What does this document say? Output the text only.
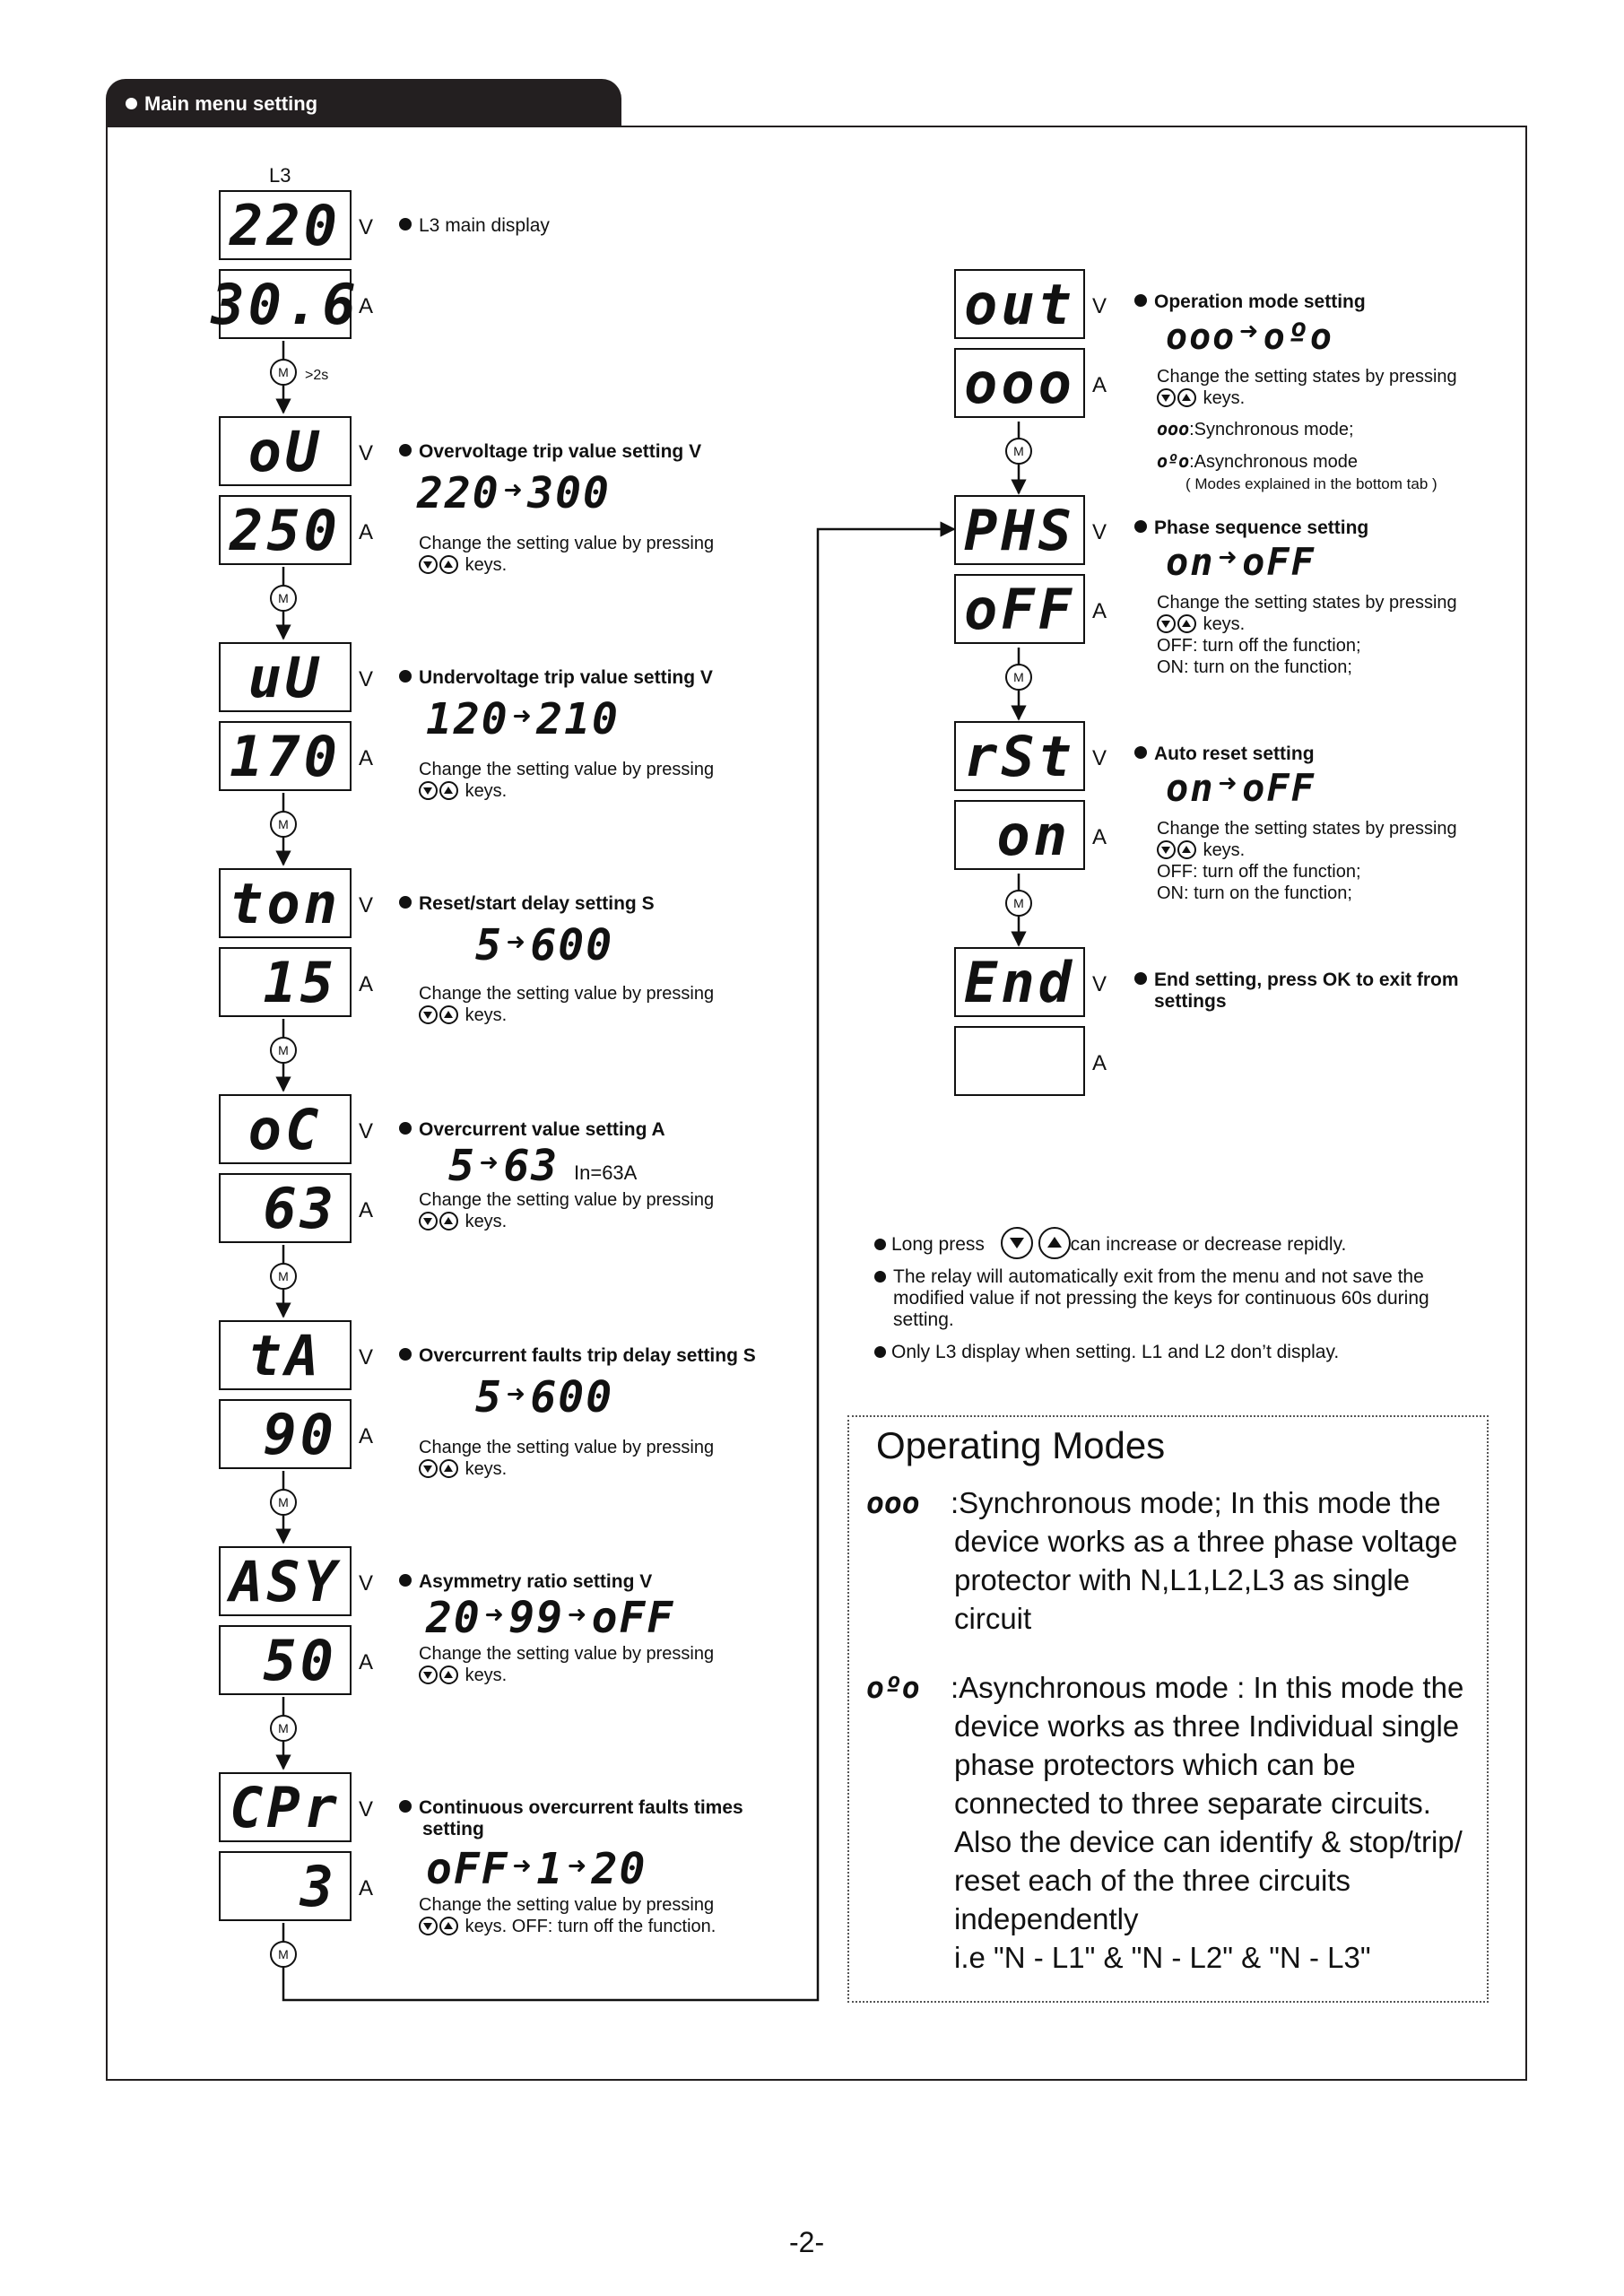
Main menu setting
L3
220 V
30.6 A
L3 main display
M	>2s
oU	V
250 A
Overvoltage trip value setting V
220 ➜300
Change the setting value by pressing
keys.
M
uU	V
170 A
Undervoltage trip value setting V
120 ➜210
Change the setting value by pressing
keys.
M
ton V
15	A
Reset/start delay setting S
5 ➜600
Change the setting value by pressing
keys.
M
oC	V
63	A
Overcurrent value setting A
5 ➜63 In=63A
Change the setting value by pressing
keys.
M
tA	V
90	A
Overcurrent faults trip delay setting S
5 ➜600
Change the setting value by pressing
keys.
M
ASY V
50	A
Asymmetry ratio setting V
20 ➜99 ➜oFF
Change the setting value by pressing
keys.
M
CPr V
3	A
Continuous overcurrent faults times
setting
oFF ➜1 ➜20
Change the setting value by pressing
keys. OFF: turn off the function.
M
out V
ooo A
Operation mode setting
ooo ➜ oºo
Change the setting states by pressing
keys.
ooo:Synchronous mode;
oºo:Asynchronous mode
( Modes explained in the bottom tab )
M
PHS V
oFF A
Phase sequence setting
on ➜oFF
Change the setting states by pressing
keys.
OFF: turn off the function;
ON: turn on the function;
M
rSt V
on	A
Auto reset setting
on ➜oFF
Change the setting states by pressing
keys.
OFF: turn off the function;
ON: turn on the function;
M
End V
A
End setting, press OK to exit from
settings
Long press
	can increase or decrease repidly.
The relay will automatically exit from the menu and not save the
modified value if not pressing the keys for continuous 60s during
setting.
Only L3 display when setting. L1 and L2 don’t display.
Operating Modes
ooo :Synchronous mode; In this mode the
device works as a three phase voltage
protector with N,L1,L2,L3 as single
circuit
oºo :Asynchronous mode : In this mode the
device works as three Individual single
phase protectors which can be
connected to three separate circuits.
Also the device can identify & stop/trip/
reset each of the three circuits
independently
i.e "N - L1" & "N - L2" & "N - L3"
-2-
